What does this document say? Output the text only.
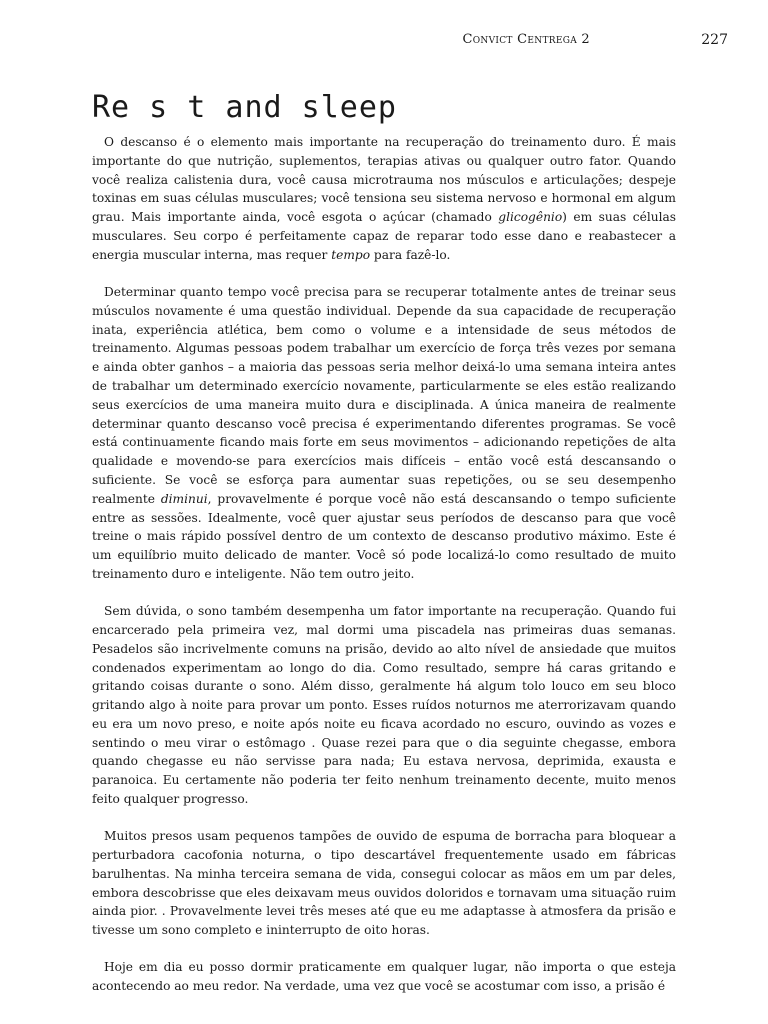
Convict Centrega 2	227
Re s t and sleep

O descanso é o elemento mais importante na recuperação do treinamento duro. É mais importante do que nutrição, suplementos, terapias ativas ou qualquer outro fator. Quando você realiza calistenia dura, você causa microtrauma nos músculos e articulações; despeje toxinas em suas células musculares; você tensiona seu sistema nervoso e hormonal em algum grau. Mais importante ainda, você esgota o açúcar (chamado glicogênio) em suas células musculares. Seu corpo é perfeitamente capaz de reparar todo esse dano e reabastecer a energia muscular interna, mas requer tempo para fazê-lo.

Determinar quanto tempo você precisa para se recuperar totalmente antes de treinar seus músculos novamente é uma questão individual. Depende da sua capacidade de recuperação inata, experiência atlética, bem como o volume e a intensidade de seus métodos de treinamento. Algumas pessoas podem trabalhar um exercício de força três vezes por semana e ainda obter ganhos – a maioria das pessoas seria melhor deixá-lo uma semana inteira antes de trabalhar um determinado exercício novamente, particularmente se eles estão realizando seus exercícios de uma maneira muito dura e disciplinada. A única maneira de realmente determinar quanto descanso você precisa é experimentando diferentes programas. Se você está continuamente ficando mais forte em seus movimentos – adicionando repetições de alta qualidade e movendo-se para exercícios mais difíceis – então você está descansando o suficiente. Se você se esforça para aumentar suas repetições, ou se seu desempenho realmente diminui, provavelmente é porque você não está descansando o tempo suficiente entre as sessões. Idealmente, você quer ajustar seus períodos de descanso para que você treine o mais rápido possível dentro de um contexto de descanso produtivo máximo. Este é um equilíbrio muito delicado de manter. Você só pode localizá-lo como resultado de muito treinamento duro e inteligente. Não tem outro jeito.

Sem dúvida, o sono também desempenha um fator importante na recuperação. Quando fui encarcerado pela primeira vez, mal dormi uma piscadela nas primeiras duas semanas. Pesadelos são incrivelmente comuns na prisão, devido ao alto nível de ansiedade que muitos condenados experimentam ao longo do dia. Como resultado, sempre há caras gritando e gritando coisas durante o sono. Além disso, geralmente há algum tolo louco em seu bloco gritando algo à noite para provar um ponto. Esses ruídos noturnos me aterrorizavam quando eu era um novo preso, e noite após noite eu ficava acordado no escuro, ouvindo as vozes e sentindo o meu virar o estômago . Quase rezei para que o dia seguinte chegasse, embora quando chegasse eu não servisse para nada; Eu estava nervosa, deprimida, exausta e paranoica. Eu certamente não poderia ter feito nenhum treinamento decente, muito menos feito qualquer progresso.

Muitos presos usam pequenos tampões de ouvido de espuma de borracha para bloquear a perturbadora cacofonia noturna, o tipo descartável frequentemente usado em fábricas barulhentas. Na minha terceira semana de vida, consegui colocar as mãos em um par deles, embora descobrisse que eles deixavam meus ouvidos doloridos e tornavam uma situação ruim ainda pior. . Provavelmente levei três meses até que eu me adaptasse à atmosfera da prisão e tivesse um sono completo e ininterrupto de oito horas.

Hoje em dia eu posso dormir praticamente em qualquer lugar, não importa o que esteja acontecendo ao meu redor. Na verdade, uma vez que você se acostumar com isso, a prisão é
